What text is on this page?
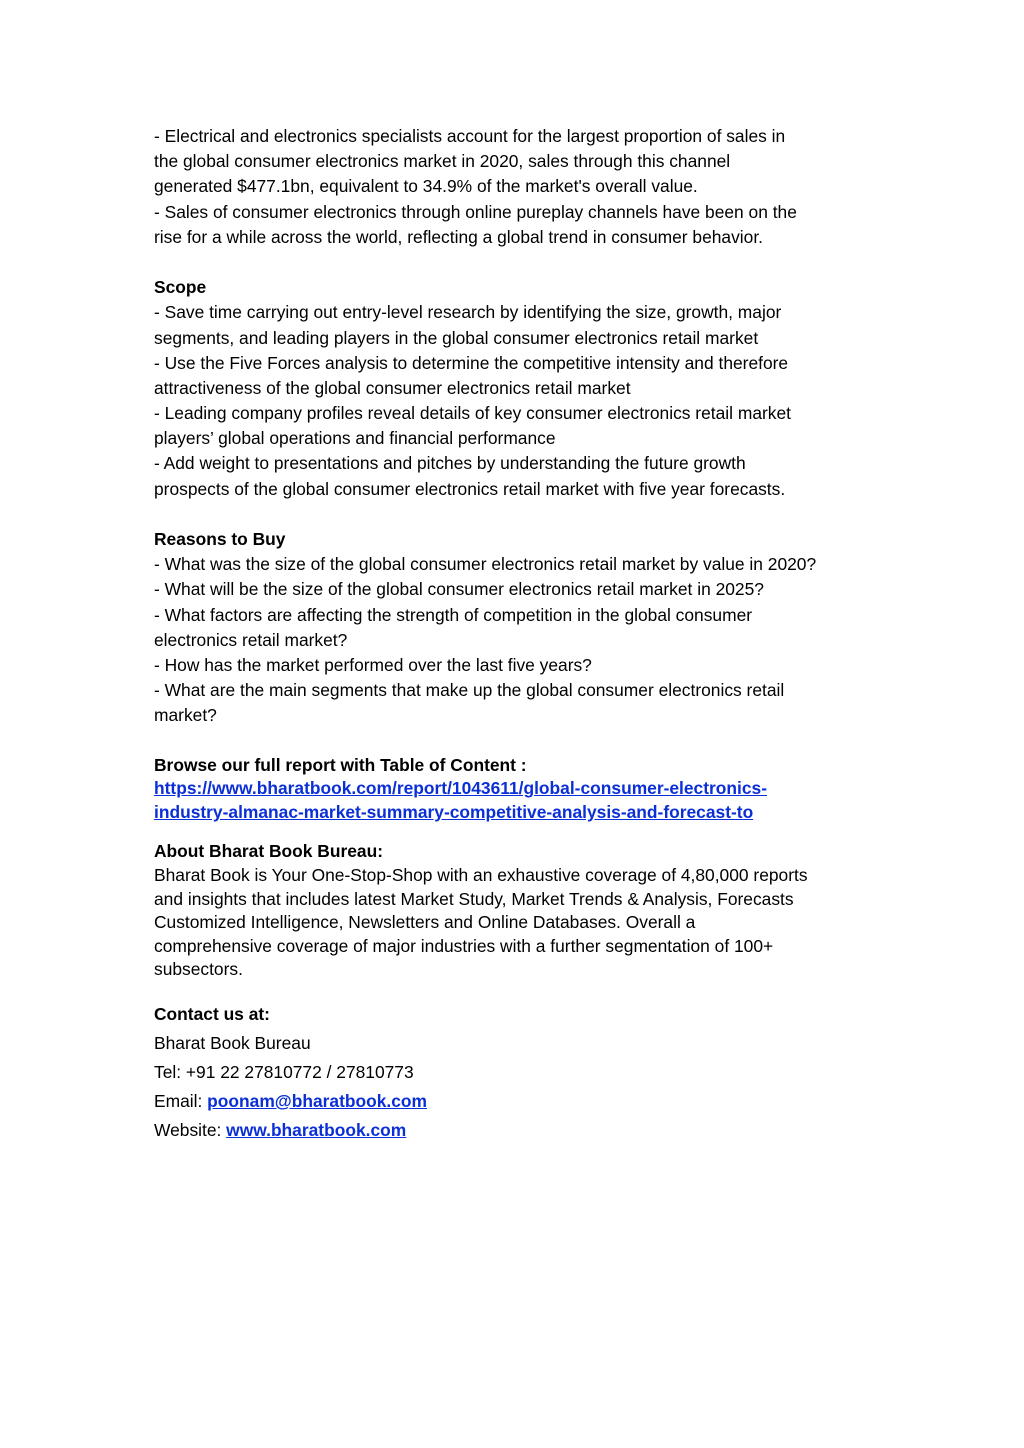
- Electrical and electronics specialists account for the largest proportion of sales in
the global consumer electronics market in 2020, sales through this channel
generated $477.1bn, equivalent to 34.9% of the market's overall value.
- Sales of consumer electronics through online pureplay channels have been on the
rise for a while across the world, reflecting a global trend in consumer behavior.
Scope
- Save time carrying out entry-level research by identifying the size, growth, major
segments, and leading players in the global consumer electronics retail market
- Use the Five Forces analysis to determine the competitive intensity and therefore
attractiveness of the global consumer electronics retail market
- Leading company profiles reveal details of key consumer electronics retail market
players’ global operations and financial performance
- Add weight to presentations and pitches by understanding the future growth
prospects of the global consumer electronics retail market with five year forecasts.
Reasons to Buy
- What was the size of the global consumer electronics retail market by value in 2020?
- What will be the size of the global consumer electronics retail market in 2025?
- What factors are affecting the strength of competition in the global consumer
electronics retail market?
- How has the market performed over the last five years?
- What are the main segments that make up the global consumer electronics retail
market?
Browse our full report with Table of Content :
https://www.bharatbook.com/report/1043611/global-consumer-electronics-
industry-almanac-market-summary-competitive-analysis-and-forecast-to
About Bharat Book Bureau:
Bharat Book is Your One-Stop-Shop with an exhaustive coverage of 4,80,000 reports
and insights that includes latest Market Study, Market Trends & Analysis, Forecasts
Customized Intelligence, Newsletters and Online Databases. Overall a
comprehensive coverage of major industries with a further segmentation of 100+
subsectors.
Contact us at:
Bharat Book Bureau
Tel: +91 22 27810772 / 27810773
Email: poonam@bharatbook.com
Website: www.bharatbook.com
